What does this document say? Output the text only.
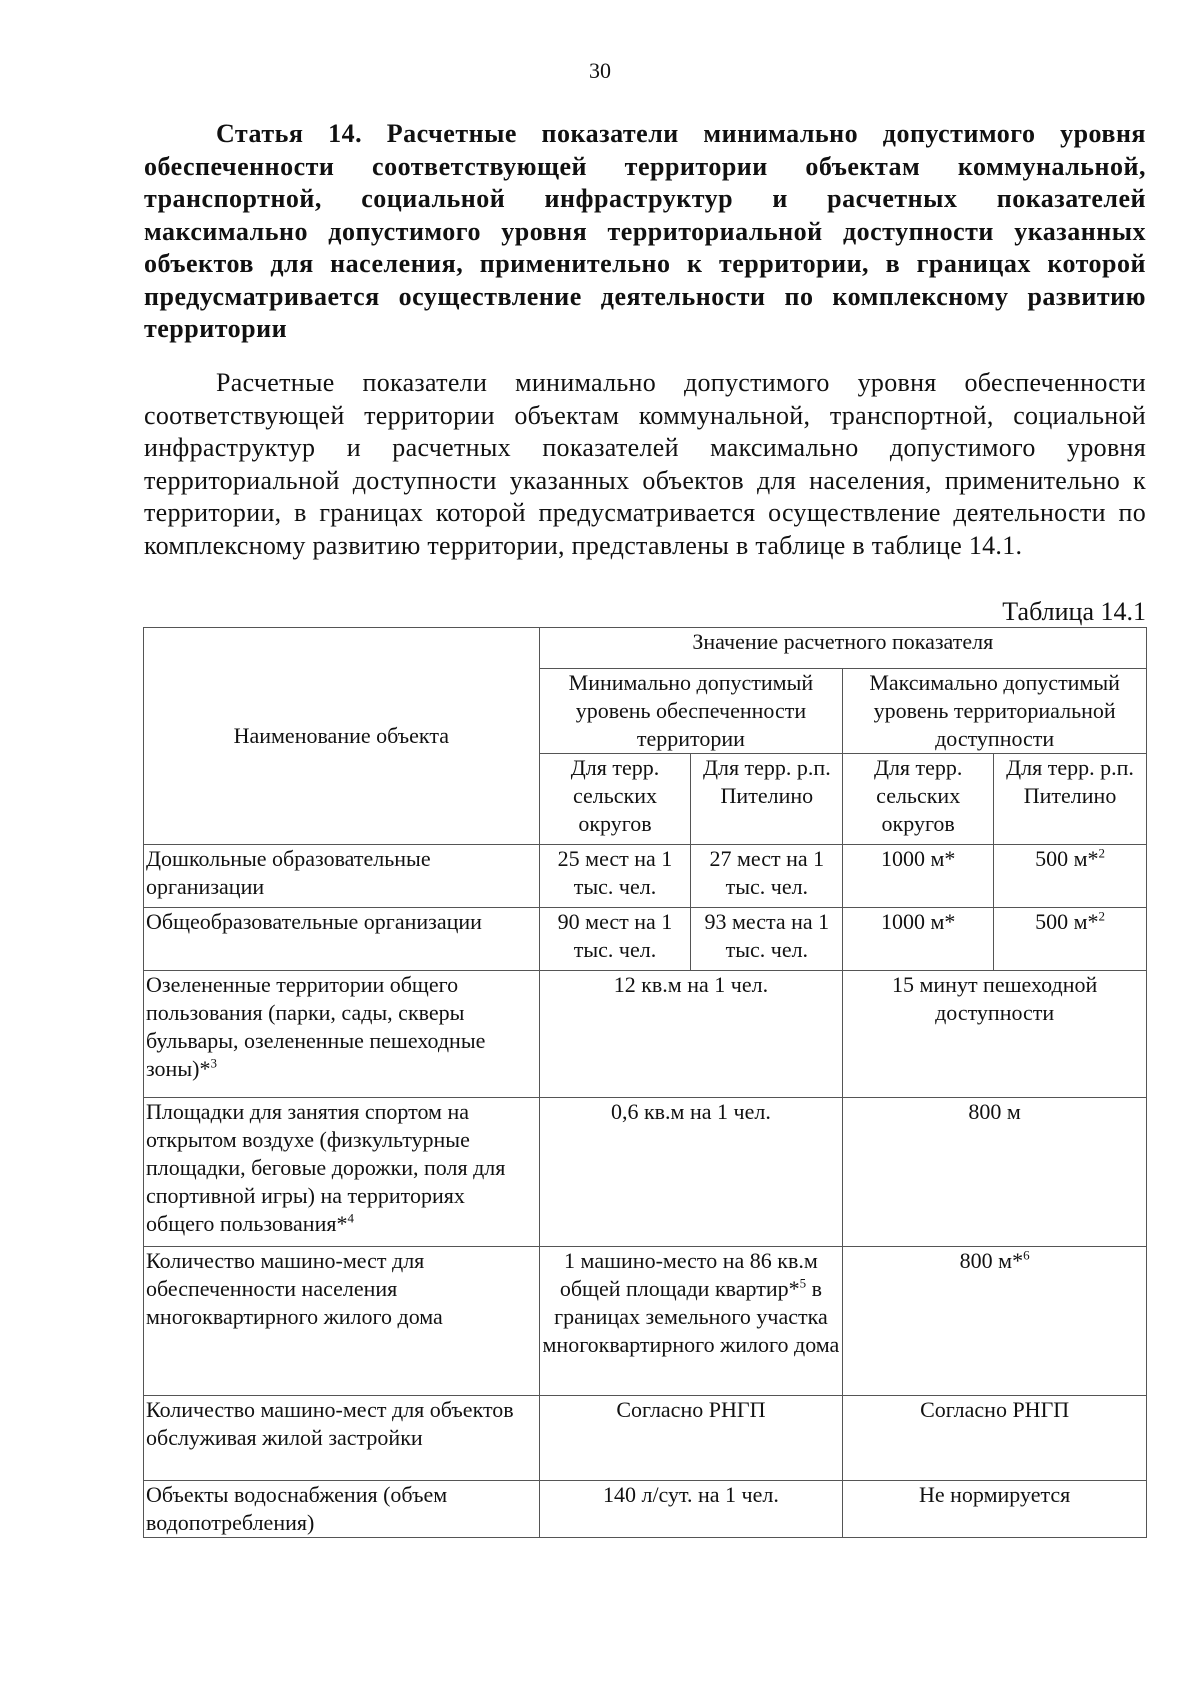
30
Статья 14. Расчетные показатели минимально допустимого уровня обеспеченности соответствующей территории объектам коммунальной, транспортной, социальной инфраструктур и расчетных показателей максимально допустимого уровня территориальной доступности указанных объектов для населения, применительно к территории, в границах которой предусматривается осуществление деятельности по комплексному развитию территории
Расчетные показатели минимально допустимого уровня обеспеченности соответствующей территории объектам коммунальной, транспортной, социальной инфраструктур и расчетных показателей максимально допустимого уровня территориальной доступности указанных объектов для населения, применительно к территории, в границах которой предусматривается осуществление деятельности по комплексному развитию территории, представлены в таблице в таблице 14.1.
Таблица 14.1
Наименование объекта	Значение расчетного показателя			
	Минимально допустимый уровень обеспеченности территории		Максимально допустимый уровень территориальной доступности	
	Для терр. сельских округов	Для терр. р.п. Пителино	Для терр. сельских округов	Для терр. р.п. Пителино
Дошкольные образовательные организации	25 мест на 1 тыс. чел.	27 мест на 1 тыс. чел.	1000 м*	500 м*$^2$
Общеобразовательные организации	90 мест на 1 тыс. чел.	93 места на 1 тыс. чел.	1000 м*	500 м*$^2$
Озелененные территории общего пользования (парки, сады, скверы бульвары, озелененные пешеходные зоны)*$^3$	12 кв.м на 1 чел.		15 минут пешеходной доступности	
Площадки для занятия спортом на открытом воздухе (физкультурные площадки, беговые дорожки, поля для спортивной игры) на территориях общего пользования*$^4$	0,6 кв.м на 1 чел.		800 м	
Количество машино-мест для обеспеченности населения многоквартирного жилого дома	1 машино-место на 86 кв.м общей площади квартир*$^5$ в границах земельного участка многоквартирного жилого дома		800 м*$^6$
Количество машино-мест для объектов обслуживая жилой застройки	Согласно РНГП		Согласно РНГП	
Объекты водоснабжения (объем водопотребления)	140 л/сут. на 1 чел.		Не нормируется	
